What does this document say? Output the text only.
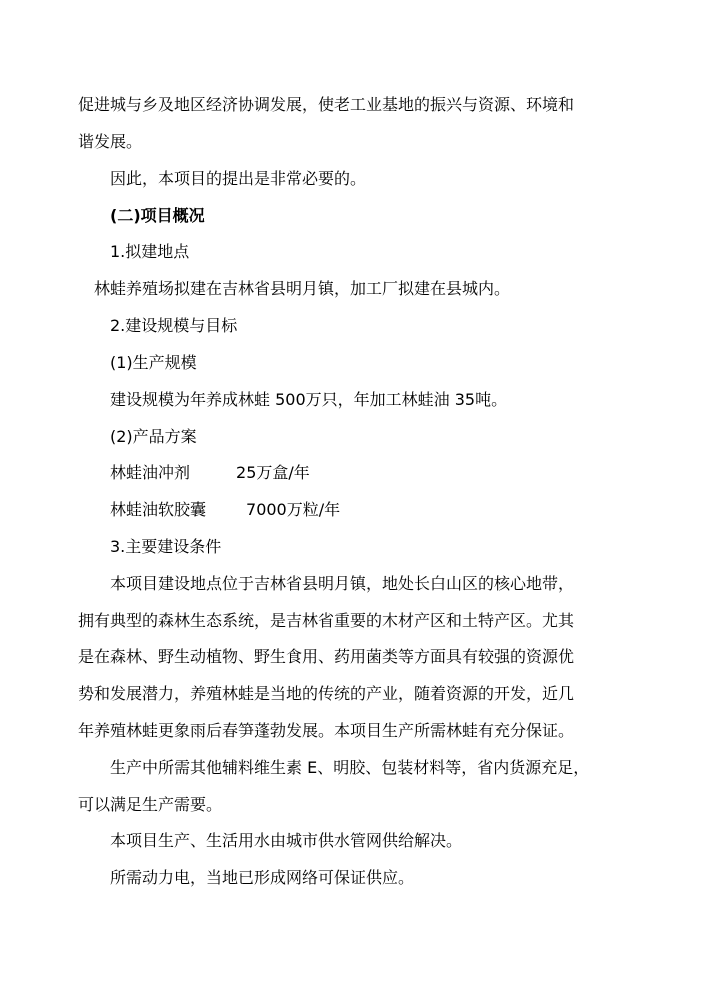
促进城与乡及地区经济协调发展，使老工业基地的振兴与资源、环境和
谐发展。
因此，本项目的提出是非常必要的。
(二)项目概况
1.拟建地点
林蛙养殖场拟建在吉林省县明月镇，加工厂拟建在县城内。
2.建设规模与目标
(1)生产规模
建设规模为年养成林蛙 500万只，年加工林蛙油 35吨。
(2)产品方案
林蛙油冲剂	25万盒/年
林蛙油软胶囊	7000万粒/年
3.主要建设条件
本项目建设地点位于吉林省县明月镇，地处长白山区的核心地带，
拥有典型的森林生态系统，是吉林省重要的木材产区和土特产区。尤其
是在森林、野生动植物、野生食用、药用菌类等方面具有较强的资源优
势和发展潜力，养殖林蛙是当地的传统的产业，随着资源的开发，近几
年养殖林蛙更象雨后春笋蓬勃发展。本项目生产所需林蛙有充分保证。
生产中所需其他辅料维生素 E、明胶、包装材料等，省内货源充足，
可以满足生产需要。
本项目生产、生活用水由城市供水管网供给解决。
所需动力电，当地已形成网络可保证供应。
